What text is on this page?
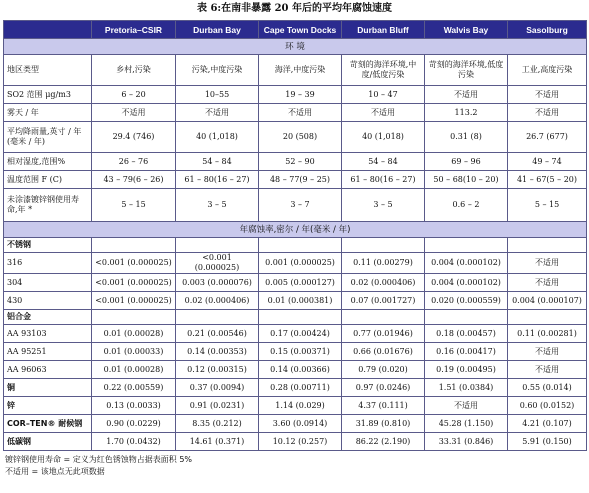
表 6:在南非暴露 20 年后的平均年腐蚀速度
	Pretoria–CSIR	Durban Bay	Cape Town Docks	Durban Bluff	Walvis Bay	Sasolburg
环 境						
地区类型	乡村,污染	污染,中度污染	海洋,中度污染	苛刻的海洋环境,中度/低度污染	苛刻的海洋环境,低度污染	工业,高度污染
SO2 范围 μg/m3	6 – 20	10–55	19 – 39	10 – 47	不适用	不适用
雾天 / 年	不适用	不适用	不适用	不适用	113.2	不适用
平均降雨量,英寸 / 年(毫米 / 年)	29.4 (746)	40 (1,018)	20 (508)	40 (1,018)	0.31 (8)	26.7 (677)
相对湿度,范围%	26 – 76	54 – 84	52 – 90	54 – 84	69 – 96	49 – 74
温度范围 F (C)	43 – 79(6 – 26)	61 – 80(16 – 27)	48 – 77(9 – 25)	61 – 80(16 – 27)	50 – 68(10 – 20)	41 – 67(5 – 20)
未涂漆镀锌钢使用寿命,年 *	5 – 15	3 – 5	3 – 7	3 – 5	0.6 – 2	5 – 15
年腐蚀率,密尔 / 年(毫米 / 年)						
不锈钢						
316	<0.001 (0.000025)	<0.001 (0.000025)	0.001 (0.000025)	0.11 (0.00279)	0.004 (0.000102)	不适用
304	<0.001 (0.000025)	0.003 (0.000076)	0.005 (0.000127)	0.02 (0.000406)	0.004 (0.000102)	不适用
430	<0.001 (0.000025)	0.02 (0.000406)	0.01 (0.000381)	0.07 (0.001727)	0.020 (0.000559)	0.004 (0.000107)
铝合金						
AA 93103	0.01 (0.00028)	0.21 (0.00546)	0.17 (0.00424)	0.77 (0.01946)	0.18 (0.00457)	0.11 (0.00281)
AA 95251	0.01 (0.00033)	0.14 (0.00353)	0.15 (0.00371)	0.66 (0.01676)	0.16 (0.00417)	不适用
AA 96063	0.01 (0.00028)	0.12 (0.00315)	0.14 (0.00366)	0.79 (0.020)	0.19 (0.00495)	不适用
铜	0.22 (0.00559)	0.37 (0.0094)	0.28 (0.00711)	0.97 (0.0246)	1.51 (0.0384)	0.55 (0.014)
锌	0.13 (0.0033)	0.91 (0.0231)	1.14 (0.029)	4.37 (0.111)	不适用	0.60 (0.0152)
COR–TEN® 耐候钢	0.90 (0.0229)	8.35 (0.212)	3.60 (0.0914)	31.89 (0.810)	45.28 (1.150)	4.21 (0.107)
低碳钢	1.70 (0.0432)	14.61 (0.371)	10.12 (0.257)	86.22 (2.190)	33.31 (0.846)	5.91 (0.150)
镀锌钢使用寿命 = 定义为红色锈蚀物占据表面积 5%
不适用 = 该地点无此项数据
